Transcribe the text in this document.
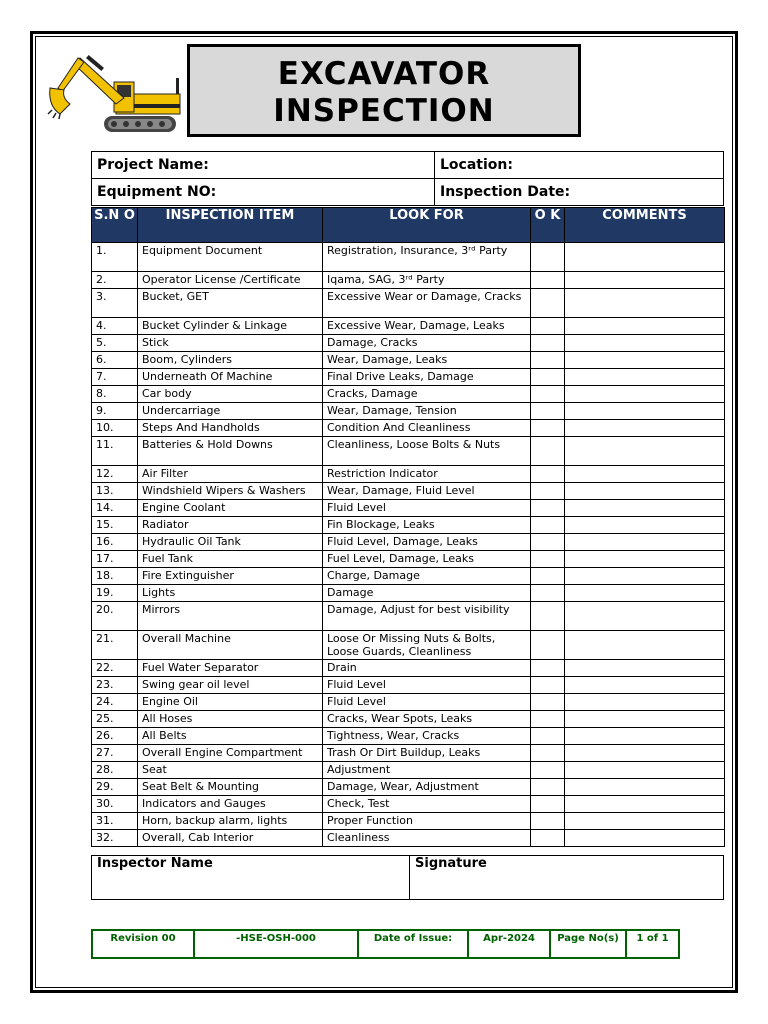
EXCAVATOR
INSPECTION
Project Name:	Location:
Equipment NO:	Inspection Date:
S.N O	INSPECTION ITEM	LOOK FOR	O K	COMMENTS
1.	Equipment Document	Registration, Insurance, 3ʳᵈ Party		
2.	Operator License /Certificate	Iqama, SAG, 3ʳᵈ Party		
3.	Bucket, GET	Excessive Wear or Damage, Cracks		
4.	Bucket Cylinder & Linkage	Excessive Wear, Damage, Leaks		
5.	Stick	Damage, Cracks		
6.	Boom, Cylinders	Wear, Damage, Leaks		
7.	Underneath Of Machine	Final Drive Leaks, Damage		
8.	Car body	Cracks, Damage		
9.	Undercarriage	Wear, Damage, Tension		
10.	Steps And Handholds	Condition And Cleanliness		
11.	Batteries & Hold Downs	Cleanliness, Loose Bolts & Nuts		
12.	Air Filter	Restriction Indicator		
13.	Windshield Wipers & Washers	Wear, Damage, Fluid Level		
14.	Engine Coolant	Fluid Level		
15.	Radiator	Fin Blockage, Leaks		
16.	Hydraulic Oil Tank	Fluid Level, Damage, Leaks		
17.	Fuel Tank	Fuel Level, Damage, Leaks		
18.	Fire Extinguisher	Charge, Damage		
19.	Lights	Damage		
20.	Mirrors	Damage, Adjust for best visibility		
21.	Overall Machine	Loose Or Missing Nuts & Bolts, Loose Guards, Cleanliness		
22.	Fuel Water Separator	Drain		
23.	Swing gear oil level	Fluid Level		
24.	Engine Oil	Fluid Level		
25.	All Hoses	Cracks, Wear Spots, Leaks		
26.	All Belts	Tightness, Wear, Cracks		
27.	Overall Engine Compartment	Trash Or Dirt Buildup, Leaks		
28.	Seat	Adjustment		
29.	Seat Belt & Mounting	Damage, Wear, Adjustment		
30.	Indicators and Gauges	Check, Test		
31.	Horn, backup alarm, lights	Proper Function		
32.	Overall, Cab Interior	Cleanliness		
Inspector Name	Signature
Revision 00	-HSE-OSH-000	Date of Issue:	Apr-2024	Page No(s)	1 of 1
